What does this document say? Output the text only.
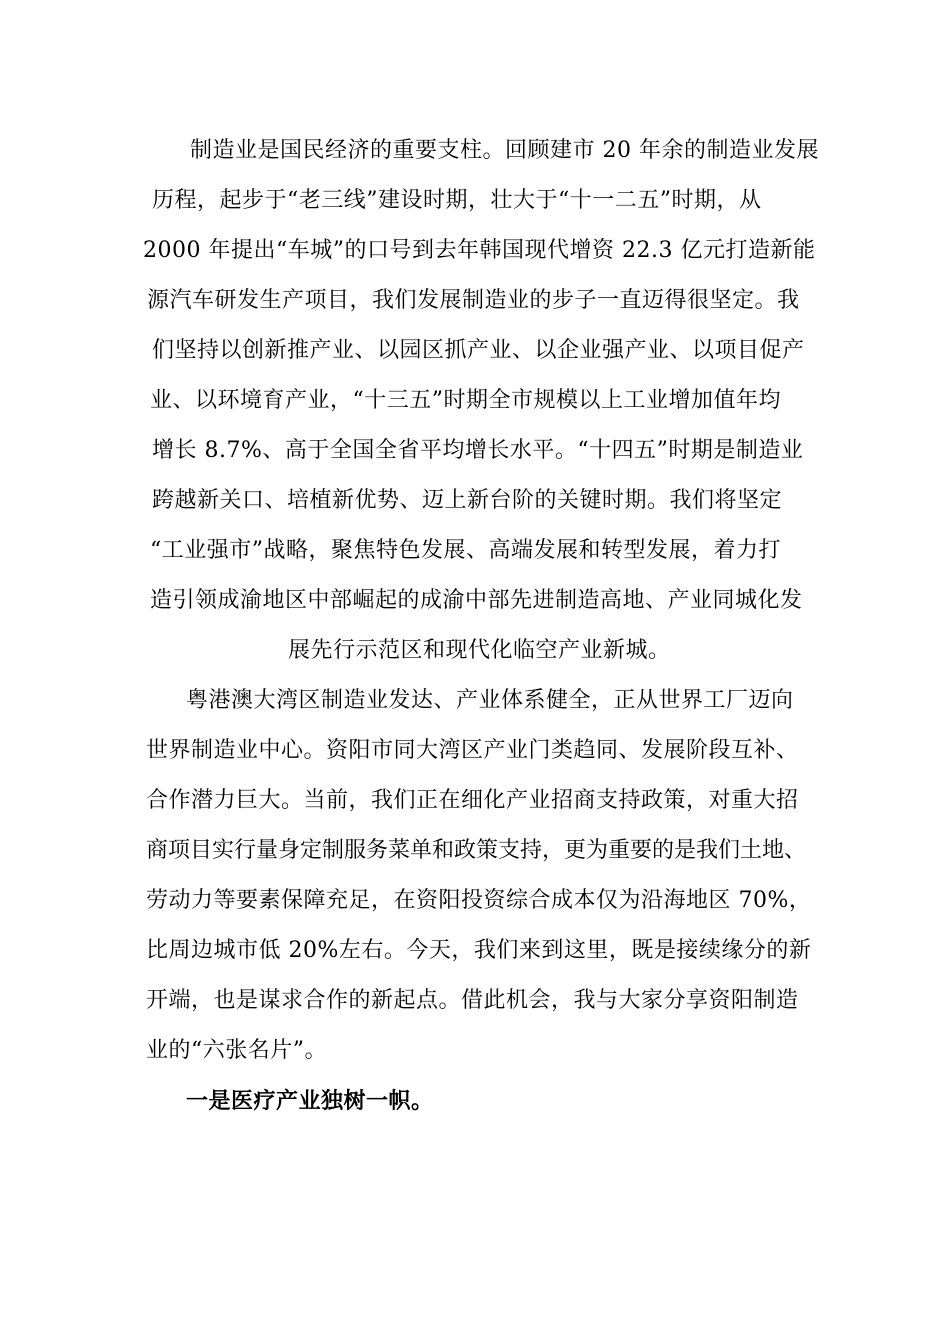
制造业是国民经济的重要支柱。回顾建市 20 年余的制造业发展
历程，起步于“老三线”建设时期，壮大于“十一二五”时期，从
2000 年提出“车城”的口号到去年韩国现代增资 22.3 亿元打造新能
源汽车研发生产项目，我们发展制造业的步子一直迈得很坚定。我
们坚持以创新推产业、以园区抓产业、以企业强产业、以项目促产
业、以环境育产业，“十三五”时期全市规模以上工业增加值年均
增长 8.7%、高于全国全省平均增长水平。“十四五”时期是制造业
跨越新关口、培植新优势、迈上新台阶的关键时期。我们将坚定
“工业强市”战略，聚焦特色发展、高端发展和转型发展，着力打
造引领成渝地区中部崛起的成渝中部先进制造高地、产业同城化发
展先行示范区和现代化临空产业新城。
粤港澳大湾区制造业发达、产业体系健全，正从世界工厂迈向
世界制造业中心。资阳市同大湾区产业门类趋同、发展阶段互补、
合作潜力巨大。当前，我们正在细化产业招商支持政策，对重大招
商项目实行量身定制服务菜单和政策支持，更为重要的是我们土地、
劳动力等要素保障充足，在资阳投资综合成本仅为沿海地区 70%，
比周边城市低 20%左右。今天，我们来到这里，既是接续缘分的新
开端，也是谋求合作的新起点。借此机会，我与大家分享资阳制造
业的“六张名片”。
一是医疗产业独树一帜。
